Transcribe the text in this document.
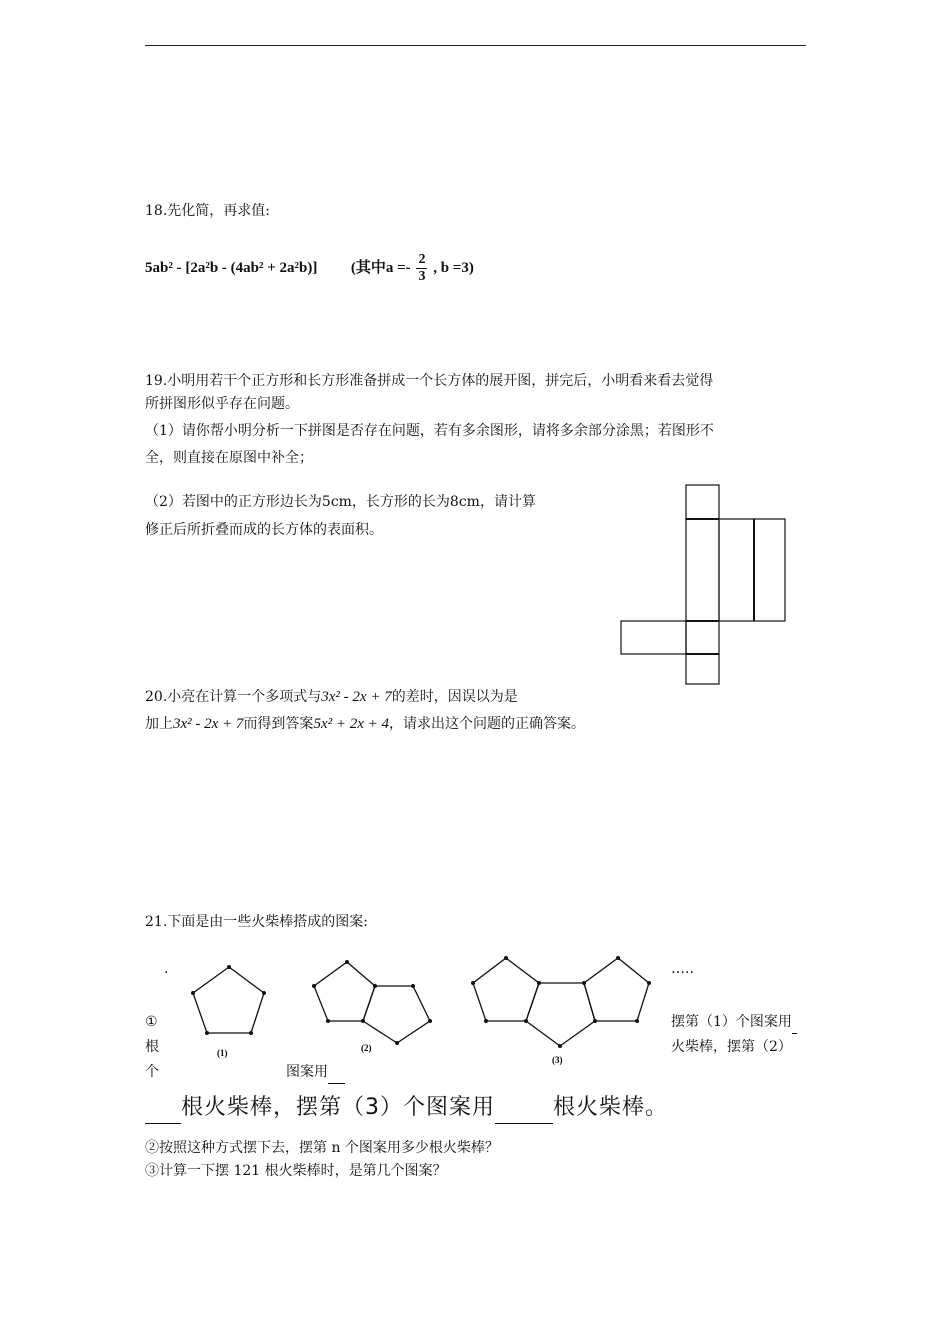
18.先化简，再求值:
5ab² - [2a²b - (4ab² + 2a²b)] (其中$a =- \frac{2}{3}$ , b =3)
19.小明用若干个正方形和长方形准备拼成一个长方体的展开图，拼完后，小明看来看去觉得
所拼图形似乎存在问题。
（1）请你帮小明分析一下拼图是否存在问题，若有多余图形，请将多余部分涂黑；若图形不
全，则直接在原图中补全；
（2）若图中的正方形边长为5cm，长方形的长为8cm，请计算
修正后所折叠而成的长方体的表面积。
20.小亮在计算一个多项式与3x² - 2x + 7的差时，因误以为是
加上3x² - 2x + 7而得到答案5x² + 2x + 4，请求出这个问题的正确答案。
21.下面是由一些火柴棒搭成的图案:
.	…..
(1)	(2)
(3)
①
根
个	图案用
摆第（1）个图案用
火柴棒，摆第（2）
根火柴棒，摆第（3）个图案用	根火柴棒。
②按照这种方式摆下去，摆第 n 个图案用多少根火柴棒？
③计算一下摆 121 根火柴棒时，是第几个图案？
